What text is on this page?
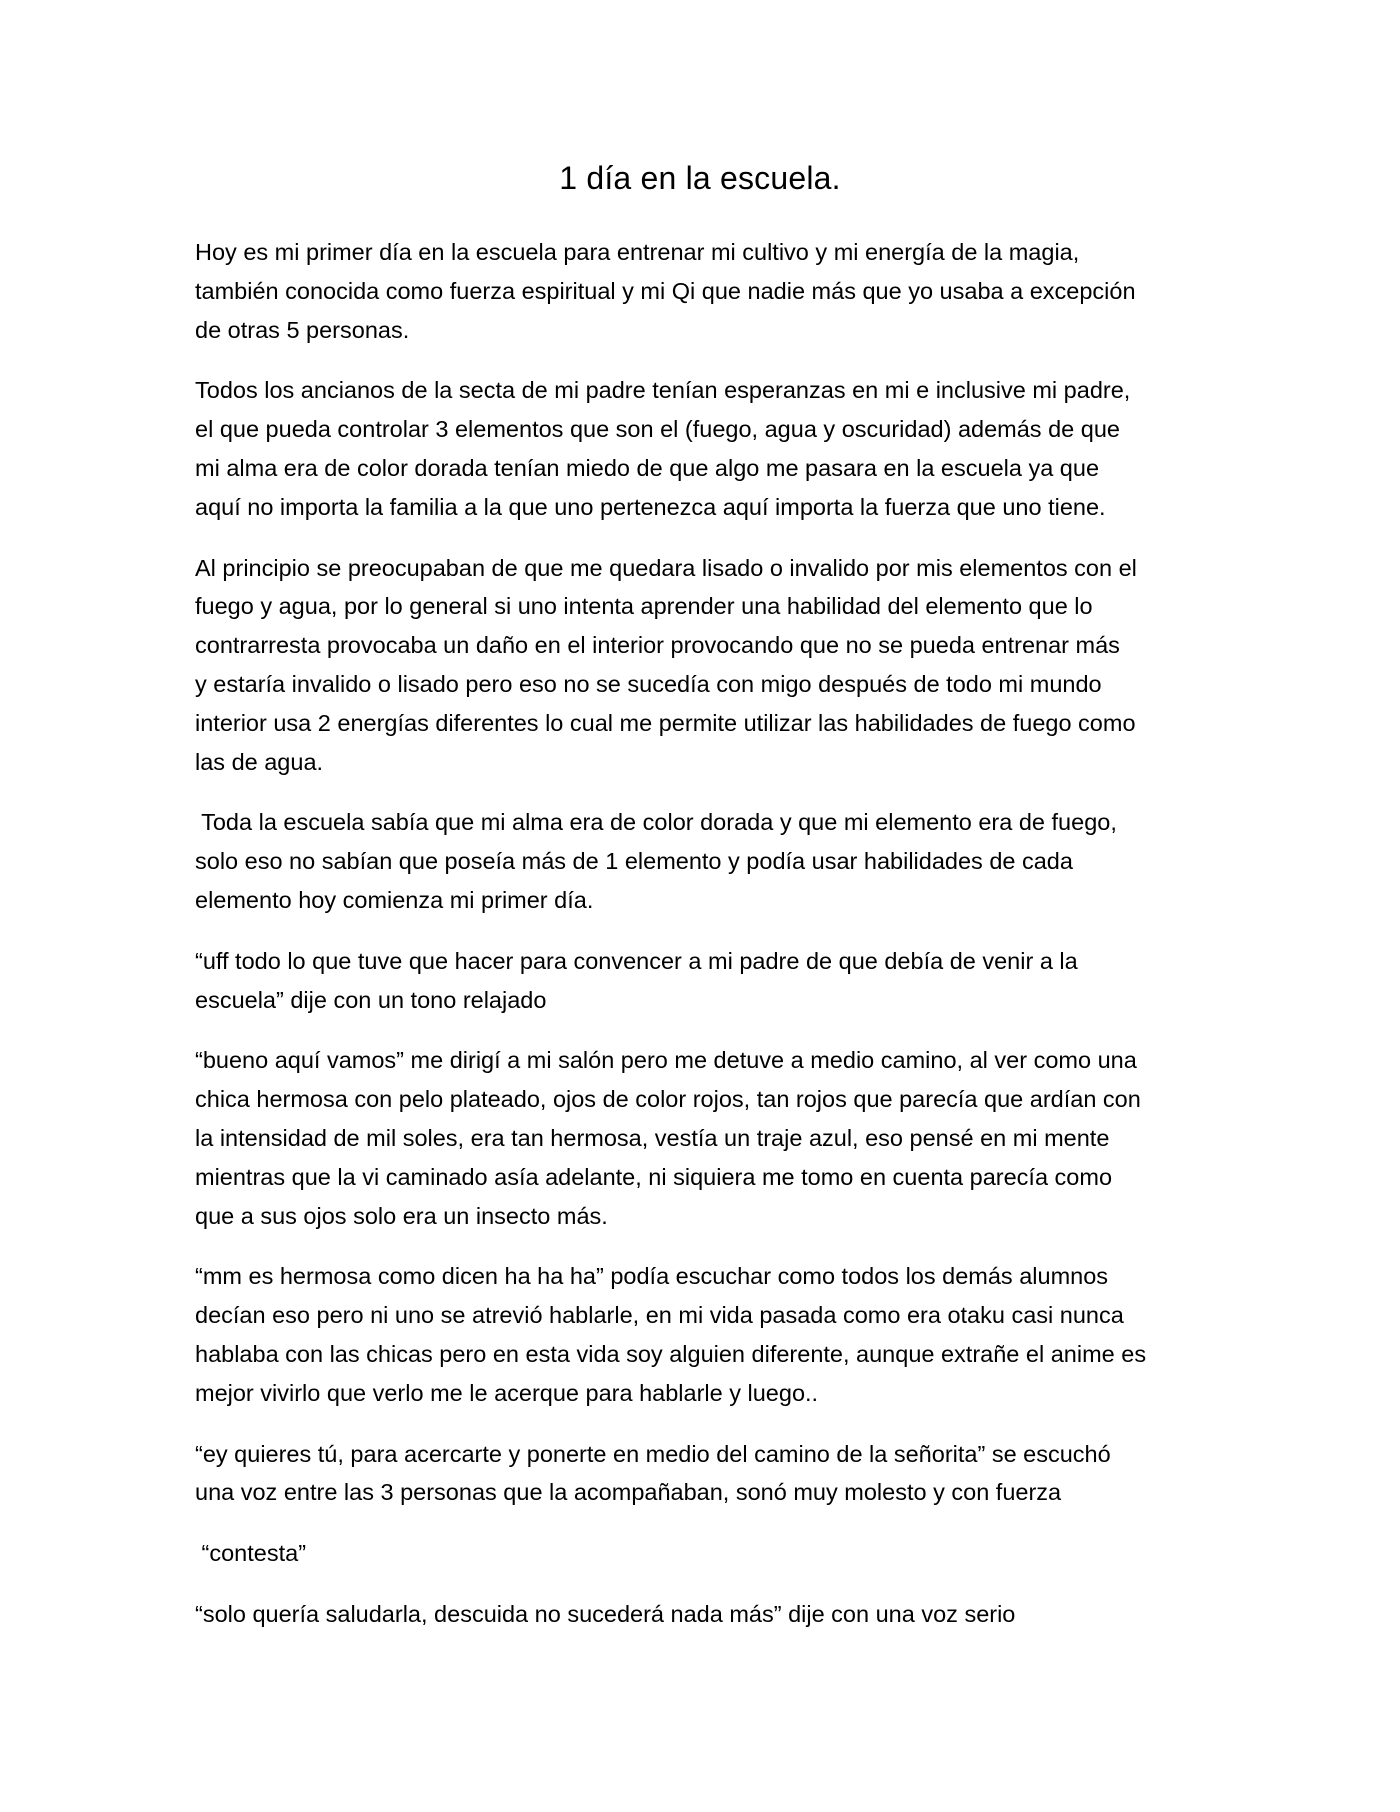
1 día en la escuela.

Hoy es mi primer día en la escuela para entrenar mi cultivo y mi energía de la magia,
también conocida como fuerza espiritual y mi Qi que nadie más que yo usaba a excepción
de otras 5 personas.

Todos los ancianos de la secta de mi padre tenían esperanzas en mi e inclusive mi padre,
el que pueda controlar 3 elementos que son el (fuego, agua y oscuridad) además de que
mi alma era de color dorada tenían miedo de que algo me pasara en la escuela ya que
aquí no importa la familia a la que uno pertenezca aquí importa la fuerza que uno tiene.

Al principio se preocupaban de que me quedara lisado o invalido por mis elementos con el
fuego y agua, por lo general si uno intenta aprender una habilidad del elemento que lo
contrarresta provocaba un daño en el interior provocando que no se pueda entrenar más
y estaría invalido o lisado pero eso no se sucedía con migo después de todo mi mundo
interior usa 2 energías diferentes lo cual me permite utilizar las habilidades de fuego como
las de agua.

Toda la escuela sabía que mi alma era de color dorada y que mi elemento era de fuego,
solo eso no sabían que poseía más de 1 elemento y podía usar habilidades de cada
elemento hoy comienza mi primer día.

“uff todo lo que tuve que hacer para convencer a mi padre de que debía de venir a la
escuela” dije con un tono relajado

“bueno aquí vamos” me dirigí a mi salón pero me detuve a medio camino, al ver como una
chica hermosa con pelo plateado, ojos de color rojos, tan rojos que parecía que ardían con
la intensidad de mil soles, era tan hermosa, vestía un traje azul, eso pensé en mi mente
mientras que la vi caminado asía adelante, ni siquiera me tomo en cuenta parecía como
que a sus ojos solo era un insecto más.

“mm es hermosa como dicen ha ha ha” podía escuchar como todos los demás alumnos
decían eso pero ni uno se atrevió hablarle, en mi vida pasada como era otaku casi nunca
hablaba con las chicas pero en esta vida soy alguien diferente, aunque extrañe el anime es
mejor vivirlo que verlo me le acerque para hablarle y luego..

“ey quieres tú, para acercarte y ponerte en medio del camino de la señorita” se escuchó
una voz entre las 3 personas que la acompañaban, sonó muy molesto y con fuerza

“contesta”

“solo quería saludarla, descuida no sucederá nada más” dije con una voz serio
